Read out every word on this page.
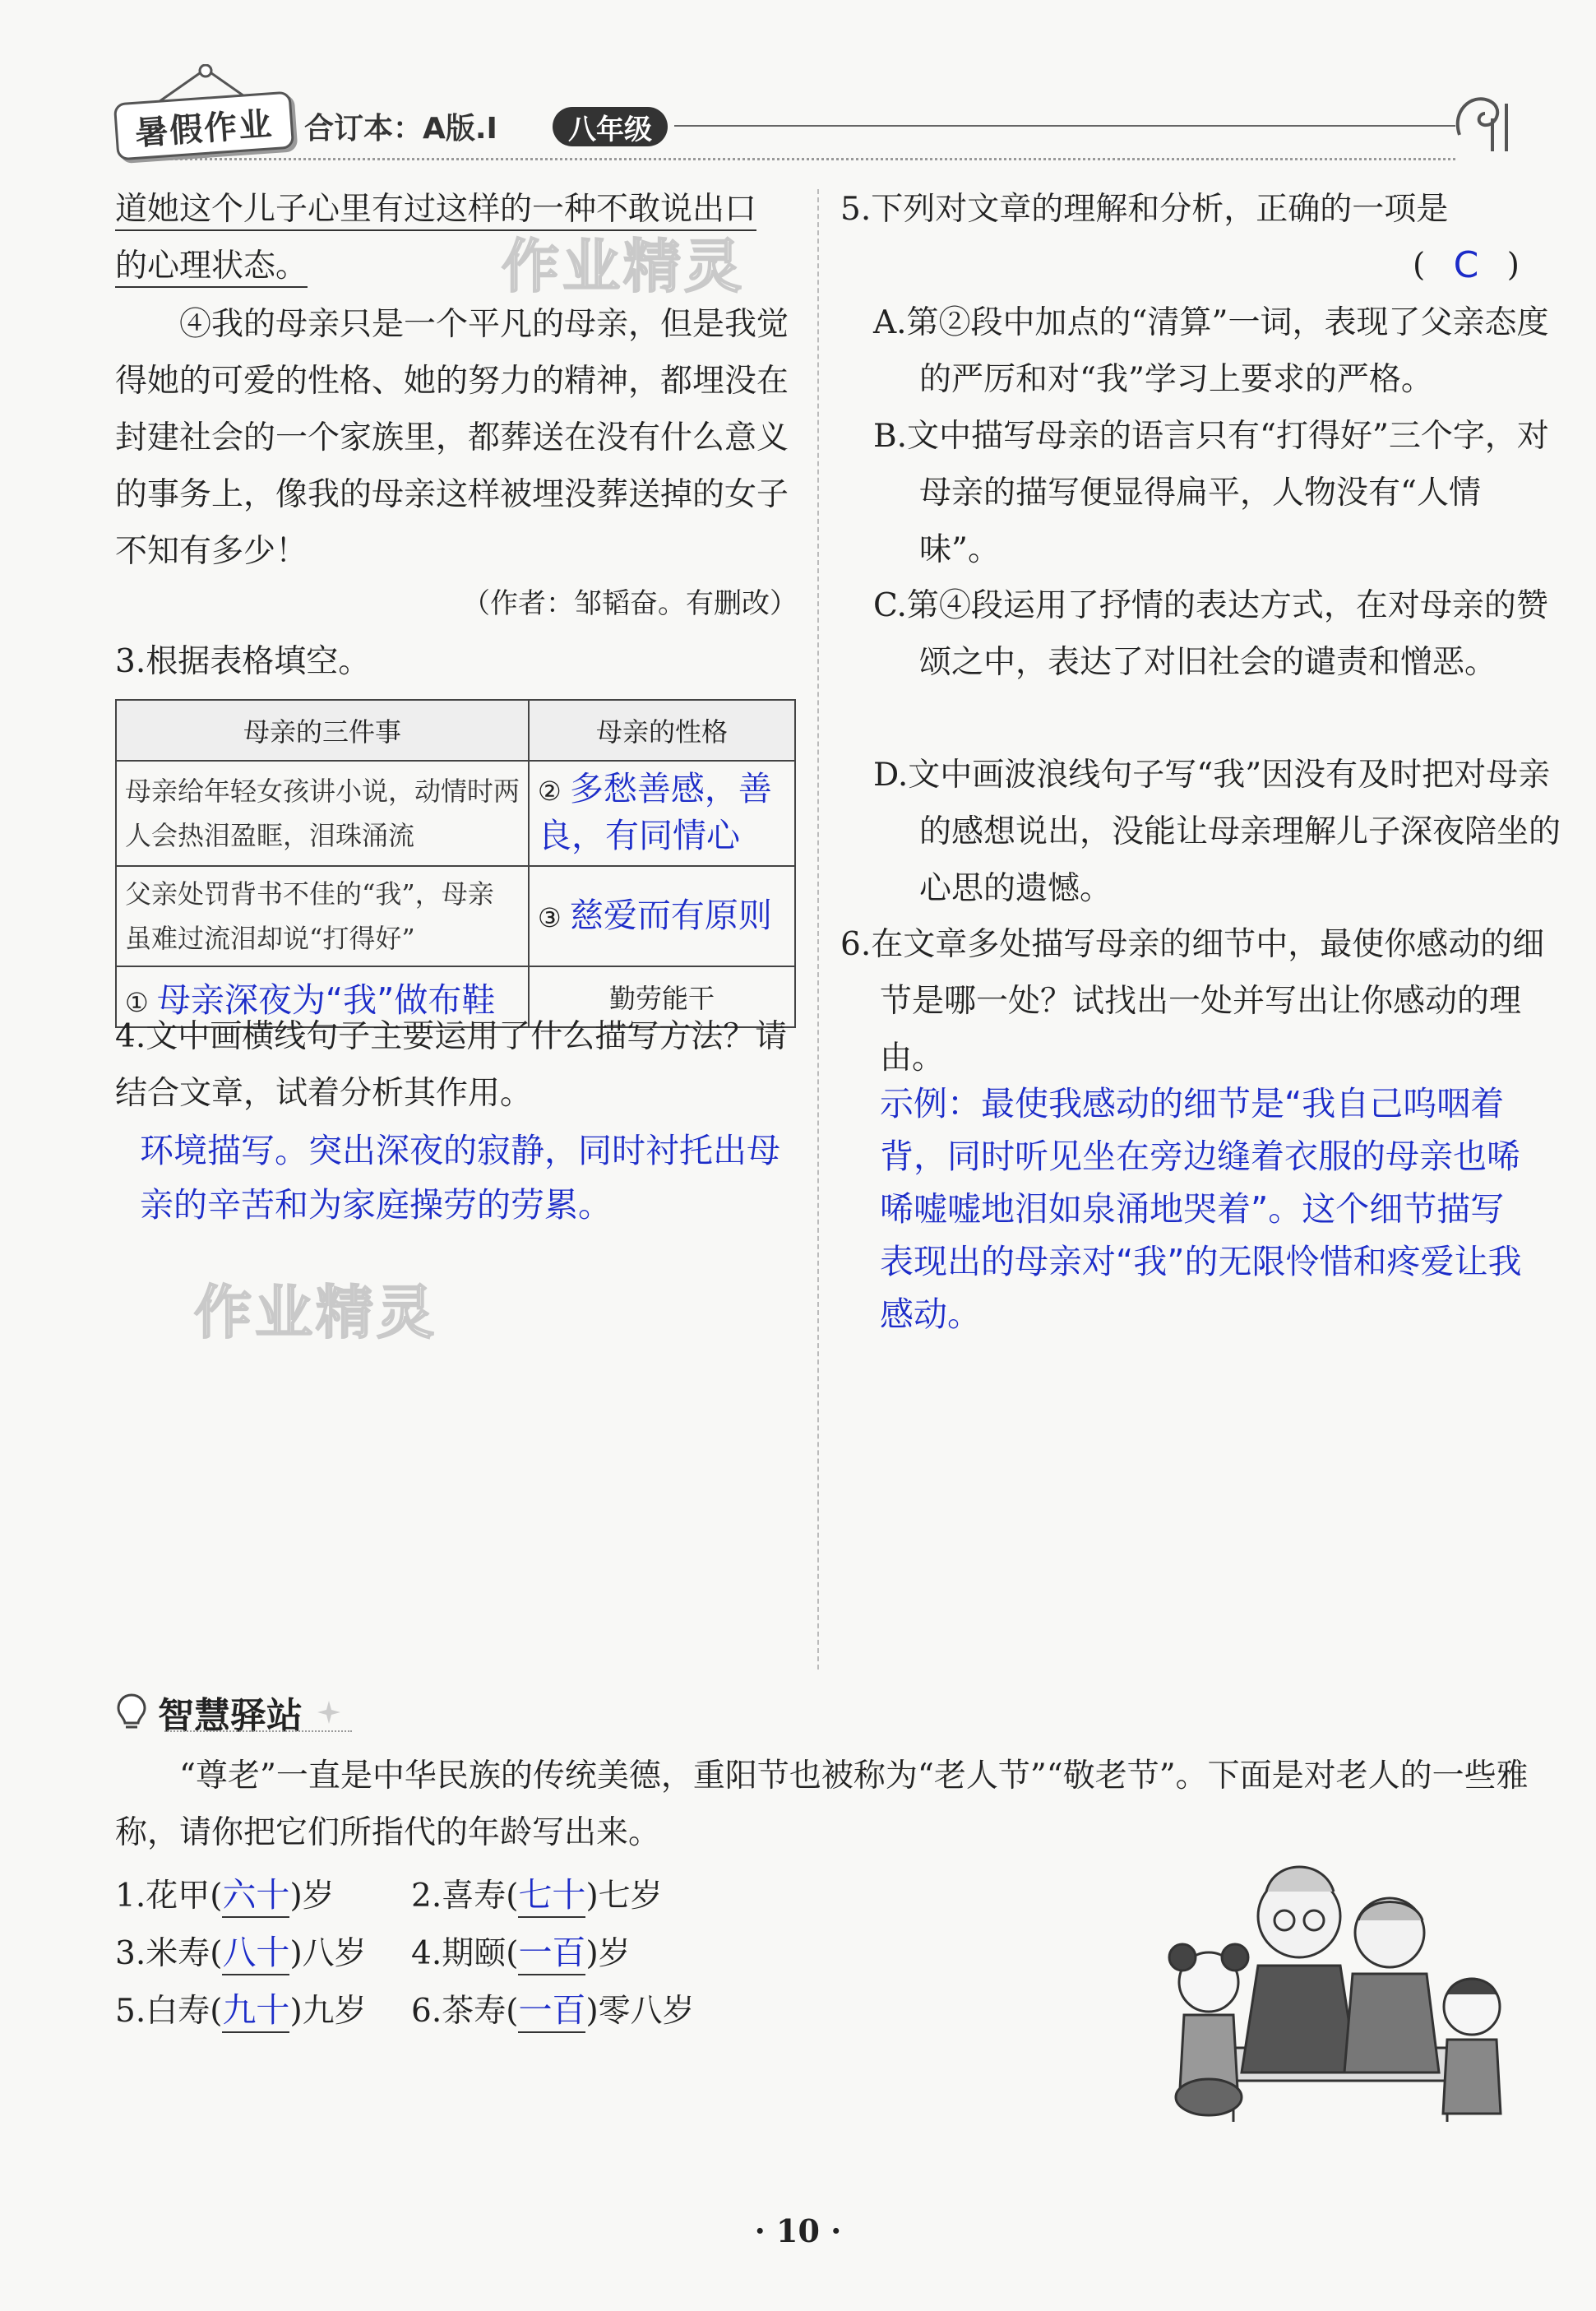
暑假作业 合订本：A版.Ⅰ	八年级
道她这个儿子心里有过这样的一种不敢说出口
的心理状态。	作业精灵
④我的母亲只是一个平凡的母亲，但是我觉得她的可爱的性格、她的努力的精神，都埋没在封建社会的一个家族里，都葬送在没有什么意义的事务上，像我的母亲这样被埋没葬送掉的女子不知有多少！
（作者：邹韬奋。有删改）
3.根据表格填空。
母亲的三件事	母亲的性格
母亲给年轻女孩讲小说，动情时两人会热泪盈眶，泪珠涌流	② 多愁善感，善良，有同情心
父亲处罚背书不佳的“我”，母亲虽难过流泪却说“打得好”	③ 慈爱而有原则
① 母亲深夜为“我”做布鞋	勤劳能干
4.文中画横线句子主要运用了什么描写方法？请结合文章，试着分析其作用。
环境描写。突出深夜的寂静，同时衬托出母亲的辛苦和为家庭操劳的劳累。
作业精灵
5.下列对文章的理解和分析，正确的一项是
( C )
A.第②段中加点的“清算”一词，表现了父亲态度的严厉和对“我”学习上要求的严格。
B.文中描写母亲的语言只有“打得好”三个字，对母亲的描写便显得扁平，人物没有“人情味”。
C.第④段运用了抒情的表达方式，在对母亲的赞颂之中，表达了对旧社会的谴责和憎恶。
D.文中画波浪线句子写“我”因没有及时把对母亲的感想说出，没能让母亲理解儿子深夜陪坐的心思的遗憾。
6.在文章多处描写母亲的细节中，最使你感动的细节是哪一处？试找出一处并写出让你感动的理由。
示例：最使我感动的细节是“我自己呜咽着背，同时听见坐在旁边缝着衣服的母亲也唏唏嘘嘘地泪如泉涌地哭着”。这个细节描写表现出的母亲对“我”的无限怜惜和疼爱让我感动。
智慧驿站
“尊老”一直是中华民族的传统美德，重阳节也被称为“老人节”“敬老节”。下面是对老人的一些雅称，请你把它们所指代的年龄写出来。
1.花甲(六十)岁	2.喜寿(七十)七岁
3.米寿(八十)八岁	4.期颐(一百)岁
5.白寿(九十)九岁	6.茶寿(一百)零八岁
· 10 ·
